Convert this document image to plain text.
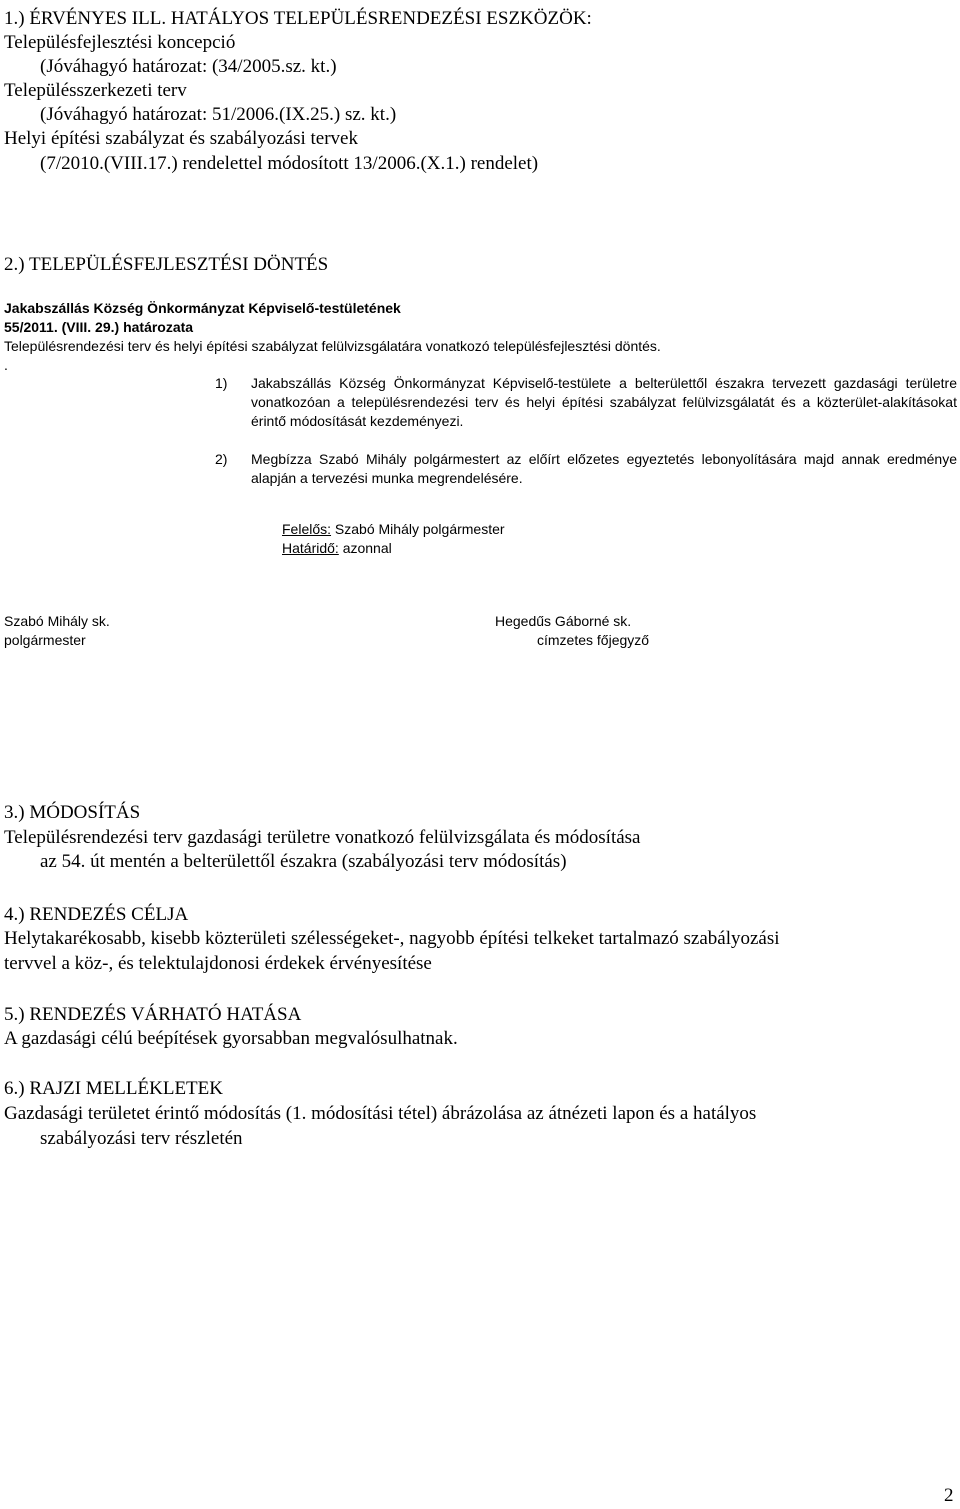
1.) ÉRVÉNYES ILL. HATÁLYOS TELEPÜLÉSRENDEZÉSI ESZKÖZÖK:

Településfejlesztési koncepció

(Jóváhagyó határozat: (34/2005.sz. kt.)

Településszerkezeti terv

(Jóváhagyó határozat: 51/2006.(IX.25.) sz. kt.)

Helyi építési szabályzat és szabályozási tervek

(7/2010.(VIII.17.) rendelettel módosított 13/2006.(X.1.) rendelet)

2.) TELEPÜLÉSFEJLESZTÉSI DÖNTÉS

Jakabszállás Község Önkormányzat Képviselő-testületének

55/2011. (VIII. 29.) határozata

Településrendezési terv és helyi építési szabályzat felülvizsgálatára vonatkozó településfejlesztési döntés.

.

1) Jakabszállás Község Önkormányzat Képviselő-testülete a belterülettől északra tervezett gazdasági területre vonatkozóan a településrendezési terv és helyi építési szabályzat felülvizsgálatát és a közterület-alakításokat érintő módosítását kezdeményezi.

2) Megbízza Szabó Mihály polgármestert az előírt előzetes egyeztetés lebonyolítására majd annak eredménye alapján a tervezési munka megrendelésére.

Felelős: Szabó Mihály polgármester

Határidő: azonnal

Szabó Mihály sk.

polgármester

Hegedűs Gáborné sk.

címzetes főjegyző

3.) MÓDOSÍTÁS

Településrendezési terv gazdasági területre vonatkozó felülvizsgálata és módosítása

az 54. út mentén a belterülettől északra (szabályozási terv módosítás)

4.) RENDEZÉS CÉLJA

Helytakarékosabb, kisebb közterületi szélességeket-, nagyobb építési telkeket tartalmazó szabályozási

tervvel a köz-, és telektulajdonosi érdekek érvényesítése

5.) RENDEZÉS VÁRHATÓ HATÁSA

A gazdasági célú beépítések gyorsabban megvalósulhatnak.

6.) RAJZI MELLÉKLETEK

Gazdasági területet érintő módosítás (1. módosítási tétel) ábrázolása az átnézeti lapon és a hatályos

szabályozási terv részletén

2
